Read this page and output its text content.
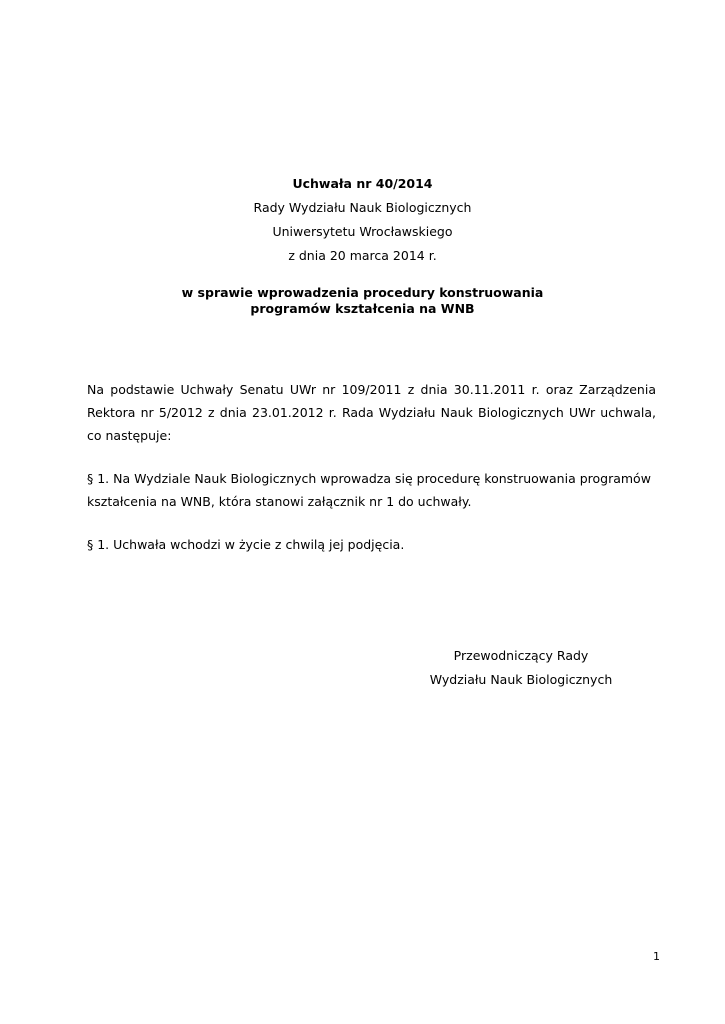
Uchwała nr 40/2014
Rady Wydziału Nauk Biologicznych
Uniwersytetu Wrocławskiego
z dnia 20 marca 2014 r.
w sprawie wprowadzenia procedury konstruowania
programów kształcenia na WNB
Na podstawie Uchwały Senatu UWr nr 109/2011 z dnia 30.11.2011 r. oraz Zarządzenia Rektora nr 5/2012 z dnia 23.01.2012 r. Rada Wydziału Nauk Biologicznych UWr uchwala, co następuje:
§ 1. Na Wydziale Nauk Biologicznych wprowadza się procedurę konstruowania programów kształcenia na WNB, która stanowi załącznik nr 1 do uchwały.
§ 1. Uchwała wchodzi w życie z chwilą jej podjęcia.
Przewodniczący Rady
Wydziału Nauk Biologicznych
1
